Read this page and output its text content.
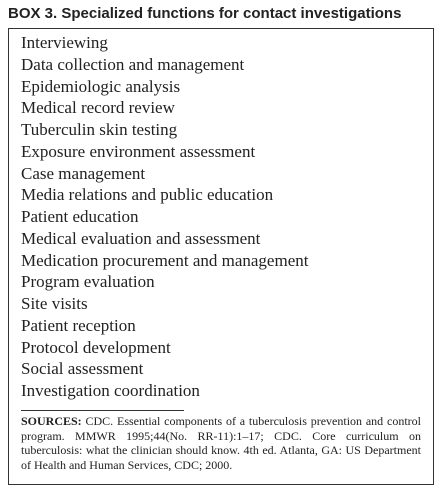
BOX 3. Specialized functions for contact investigations
Interviewing
Data collection and management
Epidemiologic analysis
Medical record review
Tuberculin skin testing
Exposure environment assessment
Case management
Media relations and public education
Patient education
Medical evaluation and assessment
Medication procurement and management
Program evaluation
Site visits
Patient reception
Protocol development
Social assessment
Investigation coordination

SOURCES: CDC. Essential components of a tuberculosis prevention and control program. MMWR 1995;44(No. RR-11):1–17; CDC. Core curriculum on tuberculosis: what the clinician should know. 4th ed. Atlanta, GA: US Department of Health and Human Services, CDC; 2000.
